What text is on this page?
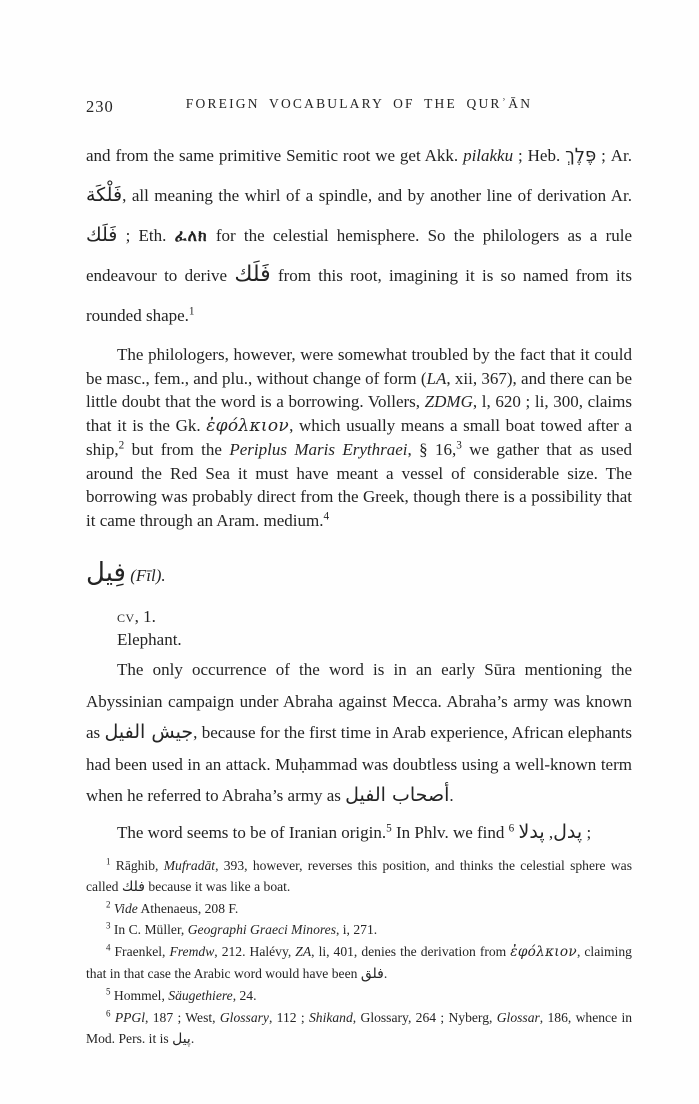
230	FOREIGN VOCABULARY OF THE QURʾĀN

and from the same primitive Semitic root we get Akk. pilakku ; Heb. פֶּלֶךְ ; Ar. فَلْكَة, all meaning the whirl of a spindle, and by another line of derivation Ar. فَلَك ; Eth. ፈለክ for the celestial hemisphere. So the philologers as a rule endeavour to derive فَلَك from this root, imagining it is so named from its rounded shape.$^1$

The philologers, however, were somewhat troubled by the fact that it could be masc., fem., and plu., without change of form (LA, xii, 367), and there can be little doubt that the word is a borrowing. Vollers, ZDMG, l, 620 ; li, 300, claims that it is the Gk. ἐφόλκιον, which usually means a small boat towed after a ship,$^2$ but from the Periplus Maris Erythraei, § 16,$^3$ we gather that as used around the Red Sea it must have meant a vessel of considerable size. The borrowing was probably direct from the Greek, though there is a possibility that it came through an Aram. medium.$^4$

فِيل (Fīl).

cv, 1.

Elephant.

The only occurrence of the word is in an early Sūra mentioning the Abyssinian campaign under Abraha against Mecca. Abraha’s army was known as جيش الفيل, because for the first time in Arab experience, African elephants had been used in an attack. Muḥammad was doubtless using a well-known term when he referred to Abraha’s army as أصحاب الفيل.

The word seems to be of Iranian origin.$^5$ In Phlv. we find پدل, پدلا $^6$	;

$^1$ Rāghib, Mufradāt, 393, however, reverses this position, and thinks the celestial sphere was called فلك because it was like a boat.

$^2$ Vide Athenaeus, 208 F.

$^3$ In C. Müller, Geographi Graeci Minores, i, 271.

$^4$ Fraenkel, Fremdw, 212. Halévy, ZA, li, 401, denies the derivation from ἐφόλκιον, claiming that in that case the Arabic word would have been فلق.

$^5$ Hommel, Säugethiere, 24.

$^6$ PPGl, 187 ; West, Glossary, 112 ; Shikand, Glossary, 264 ; Nyberg, Glossar, 186, whence in Mod. Pers. it is پيل.
